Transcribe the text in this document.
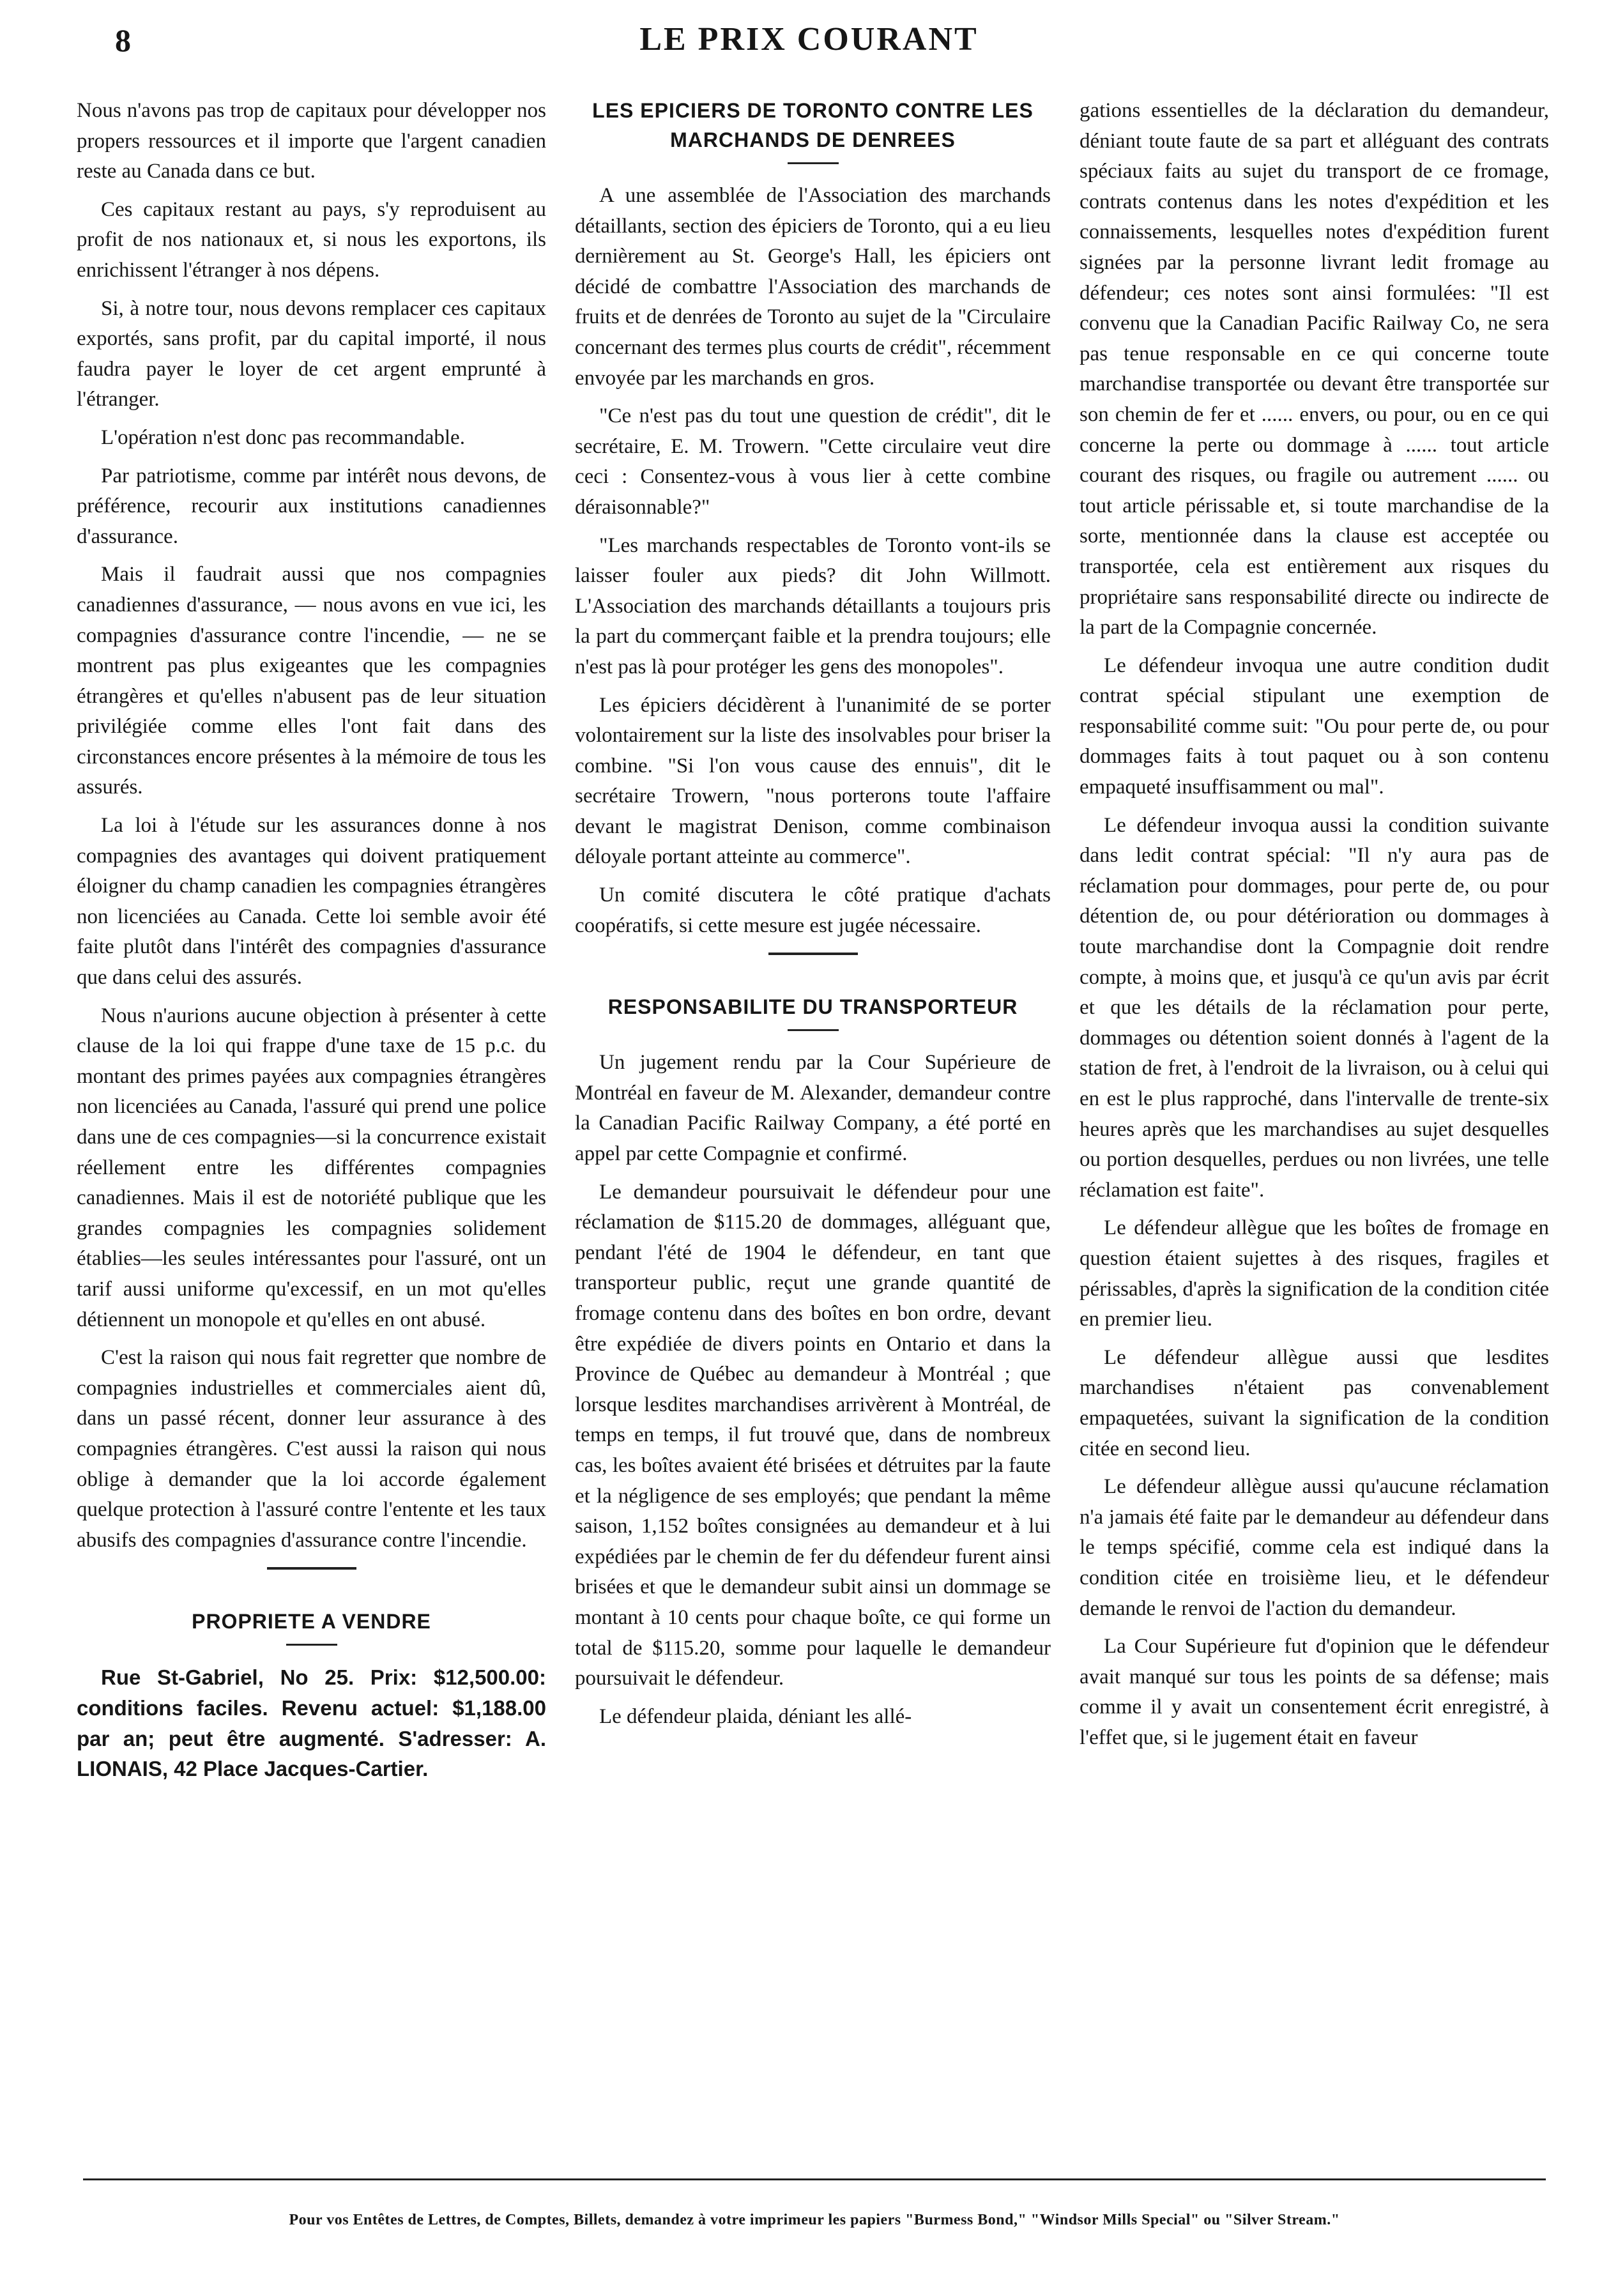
8	LE PRIX COURANT

Nous n'avons pas trop de capitaux pour développer nos propers ressources et il importe que l'argent canadien reste au Canada dans ce but.

Ces capitaux restant au pays, s'y reproduisent au profit de nos nationaux et, si nous les exportons, ils enrichissent l'étranger à nos dépens.

Si, à notre tour, nous devons remplacer ces capitaux exportés, sans profit, par du capital importé, il nous faudra payer le loyer de cet argent emprunté à l'étranger.

L'opération n'est donc pas recommandable.

Par patriotisme, comme par intérêt nous devons, de préférence, recourir aux institutions canadiennes d'assurance.

Mais il faudrait aussi que nos compagnies canadiennes d'assurance, — nous avons en vue ici, les compagnies d'assurance contre l'incendie, — ne se montrent pas plus exigeantes que les compagnies étrangères et qu'elles n'abusent pas de leur situation privilégiée comme elles l'ont fait dans des circonstances encore présentes à la mémoire de tous les assurés.

La loi à l'étude sur les assurances donne à nos compagnies des avantages qui doivent pratiquement éloigner du champ canadien les compagnies étrangères non licenciées au Canada. Cette loi semble avoir été faite plutôt dans l'intérêt des compagnies d'assurance que dans celui des assurés.

Nous n'aurions aucune objection à présenter à cette clause de la loi qui frappe d'une taxe de 15 p.c. du montant des primes payées aux compagnies étrangères non licenciées au Canada, l'assuré qui prend une police dans une de ces compagnies—si la concurrence existait réellement entre les différentes compagnies canadiennes. Mais il est de notoriété publique que les grandes compagnies les compagnies solidement établies—les seules intéressantes pour l'assuré, ont un tarif aussi uniforme qu'excessif, en un mot qu'elles détiennent un monopole et qu'elles en ont abusé.

C'est la raison qui nous fait regretter que nombre de compagnies industrielles et commerciales aient dû, dans un passé récent, donner leur assurance à des compagnies étrangères. C'est aussi la raison qui nous oblige à demander que la loi accorde également quelque protection à l'assuré contre l'entente et les taux abusifs des compagnies d'assurance contre l'incendie.

PROPRIETE A VENDRE

Rue St-Gabriel, No 25. Prix: $12,500.00: conditions faciles. Revenu actuel: $1,188.00 par an; peut être augmenté. S'adresser: A. LIONAIS, 42 Place Jacques-Cartier.

LES EPICIERS DE TORONTO CONTRE LES MARCHANDS DE DENREES

A une assemblée de l'Association des marchands détaillants, section des épiciers de Toronto, qui a eu lieu dernièrement au St. George's Hall, les épiciers ont décidé de combattre l'Association des marchands de fruits et de denrées de Toronto au sujet de la "Circulaire concernant des termes plus courts de crédit", récemment envoyée par les marchands en gros.

"Ce n'est pas du tout une question de crédit", dit le secrétaire, E. M. Trowern. "Cette circulaire veut dire ceci : Consentez-vous à vous lier à cette combine déraisonnable?"

"Les marchands respectables de Toronto vont-ils se laisser fouler aux pieds? dit John Willmott. L'Association des marchands détaillants a toujours pris la part du commerçant faible et la prendra toujours; elle n'est pas là pour protéger les gens des monopoles".

Les épiciers décidèrent à l'unanimité de se porter volontairement sur la liste des insolvables pour briser la combine. "Si l'on vous cause des ennuis", dit le secrétaire Trowern, "nous porterons toute l'affaire devant le magistrat Denison, comme combinaison déloyale portant atteinte au commerce".

Un comité discutera le côté pratique d'achats coopératifs, si cette mesure est jugée nécessaire.

RESPONSABILITE DU TRANSPORTEUR

Un jugement rendu par la Cour Supérieure de Montréal en faveur de M. Alexander, demandeur contre la Canadian Pacific Railway Company, a été porté en appel par cette Compagnie et confirmé.

Le demandeur poursuivait le défendeur pour une réclamation de $115.20 de dommages, alléguant que, pendant l'été de 1904 le défendeur, en tant que transporteur public, reçut une grande quantité de fromage contenu dans des boîtes en bon ordre, devant être expédiée de divers points en Ontario et dans la Province de Québec au demandeur à Montréal ; que lorsque lesdites marchandises arrivèrent à Montréal, de temps en temps, il fut trouvé que, dans de nombreux cas, les boîtes avaient été brisées et détruites par la faute et la négligence de ses employés; que pendant la même saison, 1,152 boîtes consignées au demandeur et à lui expédiées par le chemin de fer du défendeur furent ainsi brisées et que le demandeur subit ainsi un dommage se montant à 10 cents pour chaque boîte, ce qui forme un total de $115.20, somme pour laquelle le demandeur poursuivait le défendeur.

Le défendeur plaida, déniant les allé-

gations essentielles de la déclaration du demandeur, déniant toute faute de sa part et alléguant des contrats spéciaux faits au sujet du transport de ce fromage, contrats contenus dans les notes d'expédition et les connaissements, lesquelles notes d'expédition furent signées par la personne livrant ledit fromage au défendeur; ces notes sont ainsi formulées: "Il est convenu que la Canadian Pacific Railway Co, ne sera pas tenue responsable en ce qui concerne toute marchandise transportée ou devant être transportée sur son chemin de fer et ...... envers, ou pour, ou en ce qui concerne la perte ou dommage à ...... tout article courant des risques, ou fragile ou autrement ...... ou tout article périssable et, si toute marchandise de la sorte, mentionnée dans la clause est acceptée ou transportée, cela est entièrement aux risques du propriétaire sans responsabilité directe ou indirecte de la part de la Compagnie concernée.

Le défendeur invoqua une autre condition dudit contrat spécial stipulant une exemption de responsabilité comme suit: "Ou pour perte de, ou pour dommages faits à tout paquet ou à son contenu empaqueté insuffisamment ou mal".

Le défendeur invoqua aussi la condition suivante dans ledit contrat spécial: "Il n'y aura pas de réclamation pour dommages, pour perte de, ou pour détention de, ou pour détérioration ou dommages à toute marchandise dont la Compagnie doit rendre compte, à moins que, et jusqu'à ce qu'un avis par écrit et que les détails de la réclamation pour perte, dommages ou détention soient donnés à l'agent de la station de fret, à l'endroit de la livraison, ou à celui qui en est le plus rapproché, dans l'intervalle de trente-six heures après que les marchandises au sujet desquelles ou portion desquelles, perdues ou non livrées, une telle réclamation est faite".

Le défendeur allègue que les boîtes de fromage en question étaient sujettes à des risques, fragiles et périssables, d'après la signification de la condition citée en premier lieu.

Le défendeur allègue aussi que lesdites marchandises n'étaient pas convenablement empaquetées, suivant la signification de la condition citée en second lieu.

Le défendeur allègue aussi qu'aucune réclamation n'a jamais été faite par le demandeur au défendeur dans le temps spécifié, comme cela est indiqué dans la condition citée en troisième lieu, et le défendeur demande le renvoi de l'action du demandeur.

La Cour Supérieure fut d'opinion que le défendeur avait manqué sur tous les points de sa défense; mais comme il y avait un consentement écrit enregistré, à l'effet que, si le jugement était en faveur

Pour vos Entêtes de Lettres, de Comptes, Billets, demandez à votre imprimeur les papiers "Burmess Bond," "Windsor Mills Special" ou "Silver Stream."
